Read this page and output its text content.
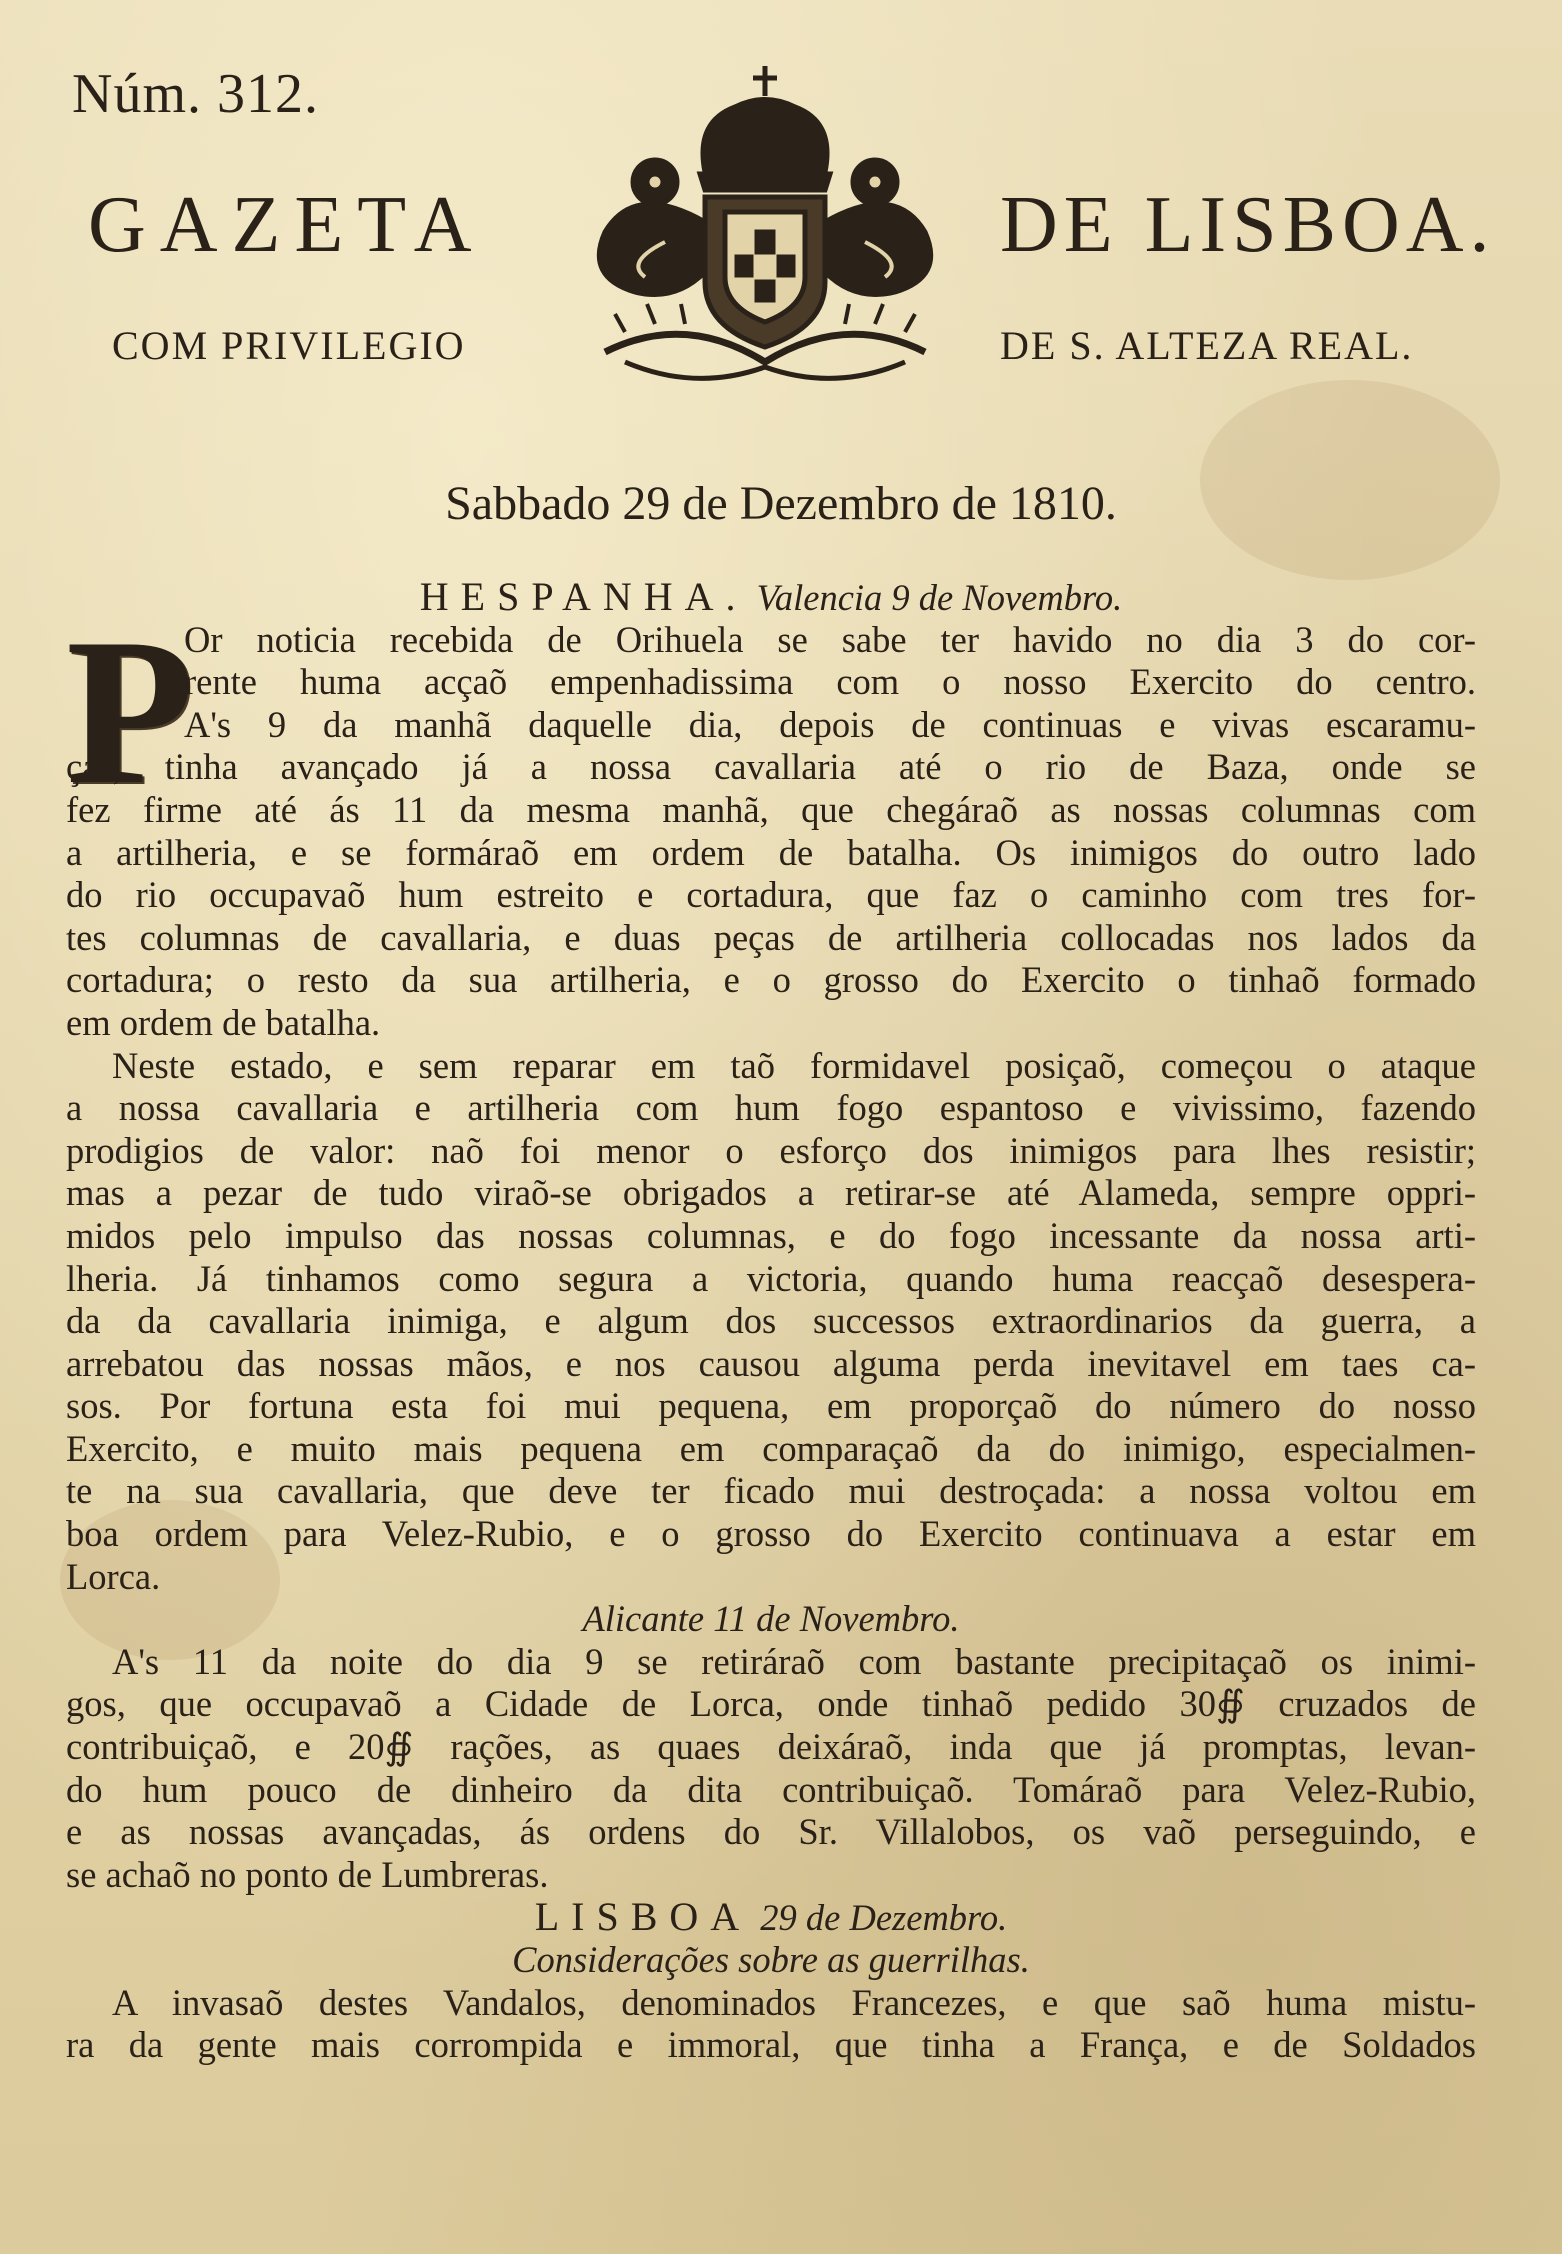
Núm. 312.
GAZETA	DE LISBOA.
COM PRIVILEGIO	DE S. ALTEZA REAL.
Sabbado 29 de Dezembro de 1810.
P	HESPANHA. Valencia 9 de Novembro.
Or noticia recebida de Orihuela se sabe ter havido no dia 3 do cor-
rente huma acçaõ empenhadissima com o nosso Exercito do centro.
A's 9 da manhã daquelle dia, depois de continuas e vivas escaramu-
ças, tinha avançado já a nossa cavallaria até o rio de Baza, onde se
fez firme até ás 11 da mesma manhã, que chegáraõ as nossas columnas com
a artilheria, e se formáraõ em ordem de batalha. Os inimigos do outro lado
do rio occupavaõ hum estreito e cortadura, que faz o caminho com tres for-
tes columnas de cavallaria, e duas peças de artilheria collocadas nos lados da
cortadura; o resto da sua artilheria, e o grosso do Exercito o tinhaõ formado
em ordem de batalha.
Neste estado, e sem reparar em taõ formidavel posiçaõ, começou o ataque
a nossa cavallaria e artilheria com hum fogo espantoso e vivissimo, fazendo
prodigios de valor: naõ foi menor o esforço dos inimigos para lhes resistir;
mas a pezar de tudo viraõ-se obrigados a retirar-se até Alameda, sempre oppri-
midos pelo impulso das nossas columnas, e do fogo incessante da nossa arti-
lheria. Já tinhamos como segura a victoria, quando huma reacçaõ desespera-
da da cavallaria inimiga, e algum dos successos extraordinarios da guerra, a
arrebatou das nossas mãos, e nos causou alguma perda inevitavel em taes ca-
sos. Por fortuna esta foi mui pequena, em proporçaõ do número do nosso
Exercito, e muito mais pequena em comparaçaõ da do inimigo, especialmen-
te na sua cavallaria, que deve ter ficado mui destroçada: a nossa voltou em
boa ordem para Velez-Rubio, e o grosso do Exercito continuava a estar em
Lorca.
Alicante 11 de Novembro.
A's 11 da noite do dia 9 se retiráraõ com bastante precipitaçaõ os inimi-
gos, que occupavaõ a Cidade de Lorca, onde tinhaõ pedido 30∯ cruzados de
contribuiçaõ, e 20∯ rações, as quaes deixáraõ, inda que já promptas, levan-
do hum pouco de dinheiro da dita contribuiçaõ. Tomáraõ para Velez-Rubio,
e as nossas avançadas, ás ordens do Sr. Villalobos, os vaõ perseguindo, e
se achaõ no ponto de Lumbreras.
LISBOA 29 de Dezembro.
Considerações sobre as guerrilhas.
A invasaõ destes Vandalos, denominados Francezes, e que saõ huma mistu-
ra da gente mais corrompida e immoral, que tinha a França, e de Soldados
